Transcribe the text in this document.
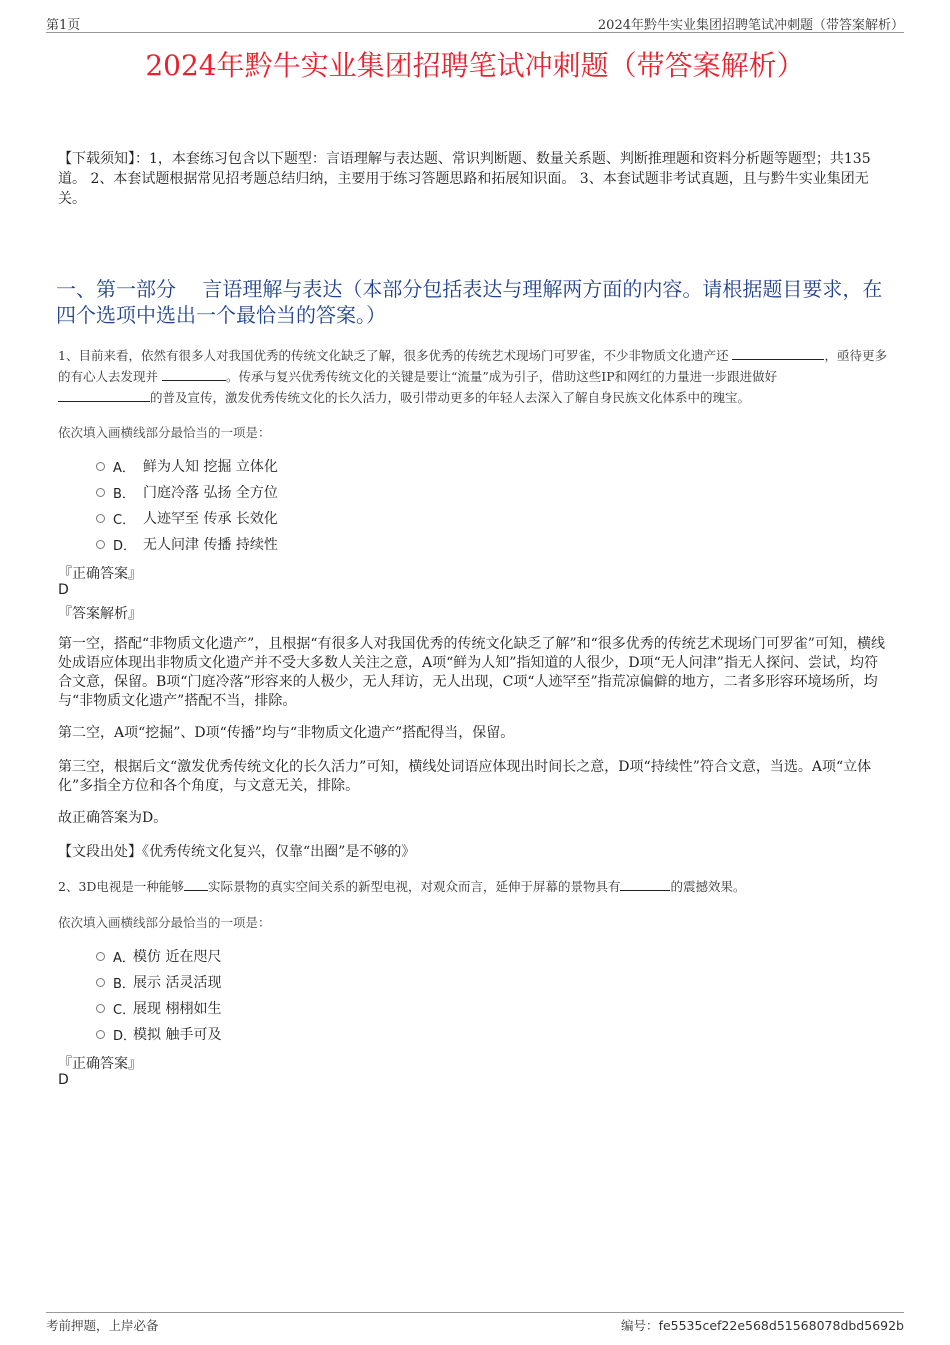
第1页	2024年黔牛实业集团招聘笔试冲刺题（带答案解析）
2024年黔牛实业集团招聘笔试冲刺题（带答案解析）
【下载须知】：1，本套练习包含以下题型：言语理解与表达题、常识判断题、数量关系题、判断推理题和资料分析题等题型；共135道。 2、本套试题根据常见招考题总结归纳，主要用于练习答题思路和拓展知识面。 3、本套试题非考试真题，且与黔牛实业集团无关。
一、第一部分　 言语理解与表达（本部分包括表达与理解两方面的内容。请根据题目要求，在四个选项中选出一个最恰当的答案。）
1、目前来看，依然有很多人对我国优秀的传统文化缺乏了解，很多优秀的传统艺术现场门可罗雀，不少非物质文化遗产还	，亟待更多的有心人去发现并	。传承与复兴优秀传统文化的关键是要让“流量”成为引子，借助这些IP和网红的力量进一步跟进做好
的普及宣传，激发优秀传统文化的长久活力，吸引带动更多的年轻人去深入了解自身民族文化体系中的瑰宝。
依次填入画横线部分最恰当的一项是：
A． 鲜为人知 挖掘 立体化
B． 门庭冷落 弘扬 全方位
C． 人迹罕至 传承 长效化
D． 无人问津 传播 持续性
『正确答案』
D
『答案解析』
第一空，搭配“非物质文化遗产”，且根据“有很多人对我国优秀的传统文化缺乏了解”和“很多优秀的传统艺术现场门可罗雀”可知，横线处成语应体现出非物质文化遗产并不受大多数人关注之意，A项“鲜为人知”指知道的人很少，D项“无人问津”指无人探问、尝试，均符合文意，保留。B项“门庭冷落”形容来的人极少，无人拜访，无人出现，C项“人迹罕至”指荒凉偏僻的地方，二者多形容环境场所，均与“非物质文化遗产”搭配不当，排除。
第二空，A项“挖掘”、D项“传播”均与“非物质文化遗产”搭配得当，保留。
第三空，根据后文“激发优秀传统文化的长久活力”可知，横线处词语应体现出时间长之意，D项“持续性”符合文意，当选。A项“立体化”多指全方位和各个角度，与文意无关，排除。
故正确答案为D。
【文段出处】《优秀传统文化复兴，仅靠“出圈”是不够的》
2、3D电视是一种能够 实际景物的真实空间关系的新型电视，对观众而言，延伸于屏幕的景物具有	的震撼效果。
依次填入画横线部分最恰当的一项是：
A．
模仿 近在咫尺
B．
展示 活灵活现
C．
展现 栩栩如生
D．
模拟 触手可及
『正确答案』
D
考前押题，上岸必备	编号：fe5535cef22e568d51568078dbd5692b
